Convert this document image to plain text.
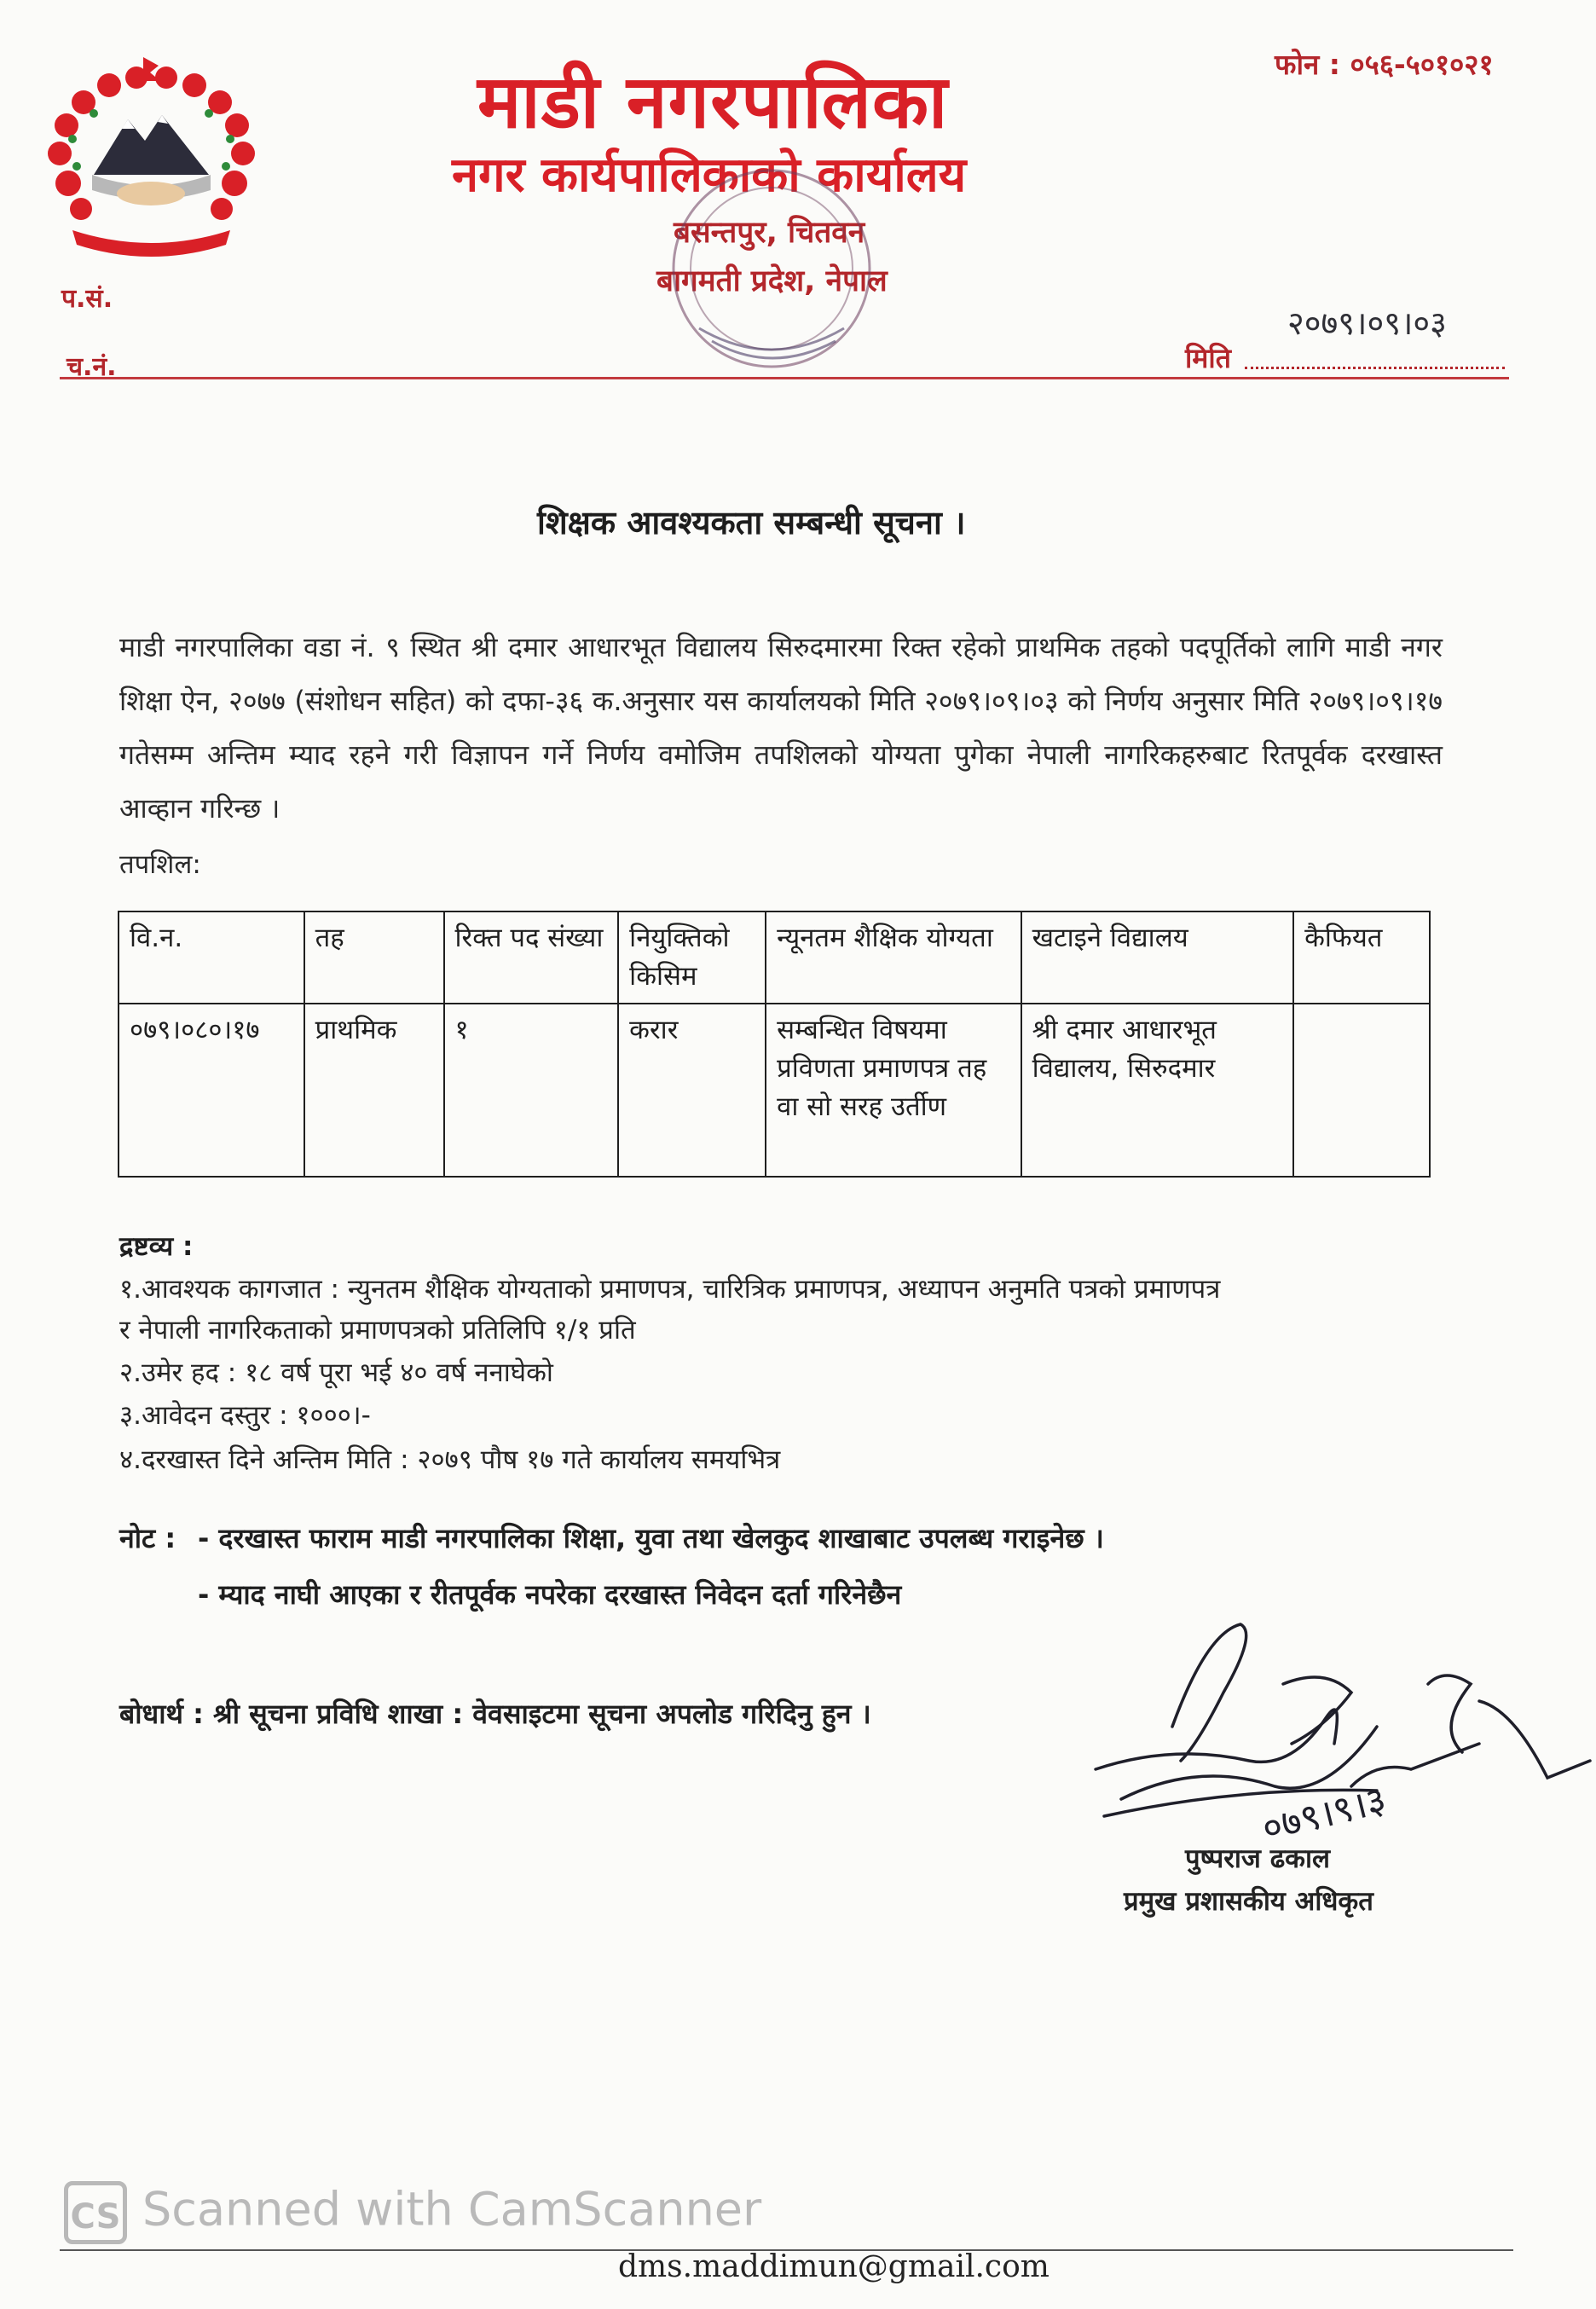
फोन : ०५६-५०१०२१
माडी नगरपालिका
नगर कार्यपालिकाको कार्यालय
बसन्तपुर, चितवन
बागमती प्रदेश, नेपाल
प.सं.
च.नं.
२०७९।०९।०३
मिति
शिक्षक आवश्यकता सम्बन्धी सूचना ।
माडी नगरपालिका वडा नं. ९ स्थित श्री दमार आधारभूत विद्यालय सिरुदमारमा रिक्त रहेको प्राथमिक तहको पदपूर्तिको लागि माडी नगर शिक्षा ऐन, २०७७ (संशोधन सहित) को दफा-३६ क.अनुसार यस कार्यालयको मिति २०७९।०९।०३ को निर्णय अनुसार मिति २०७९।०९।१७ गतेसम्म अन्तिम म्याद रहने गरी विज्ञापन गर्ने निर्णय वमोजिम तपशिलको योग्यता पुगेका नेपाली नागरिकहरुबाट रितपूर्वक दरखास्त आव्हान गरिन्छ ।
तपशिल:
वि.न.	तह	रिक्त पद संख्या	नियुक्तिको किसिम	न्यूनतम शैक्षिक योग्यता	खटाइने विद्यालय	कैफियत
०७९।०८०।१७	प्राथमिक	१	करार	सम्बन्धित विषयमा प्रविणता प्रमाणपत्र तह वा सो सरह उर्तीण	श्री दमार आधारभूत विद्यालय, सिरुदमार	
द्रष्टव्य :
१.आवश्यक कागजात : न्युनतम शैक्षिक योग्यताको प्रमाणपत्र, चारित्रिक प्रमाणपत्र, अध्यापन अनुमति पत्रको प्रमाणपत्र
र नेपाली नागरिकताको प्रमाणपत्रको प्रतिलिपि १/१ प्रति
२.उमेर हद : १८ वर्ष पूरा भई ४० वर्ष ननाघेको
३.आवेदन दस्तुर : १०००।-
४.दरखास्त दिने अन्तिम मिति : २०७९ पौष १७ गते कार्यालय समयभित्र
नोट : - दरखास्त फाराम माडी नगरपालिका शिक्षा, युवा तथा खेलकुद शाखाबाट उपलब्ध गराइनेछ ।
- म्याद नाघी आएका र रीतपूर्वक नपरेका दरखास्त निवेदन दर्ता गरिनेछैन
बोधार्थ : श्री सूचना प्रविधि शाखा : वेवसाइटमा सूचना अपलोड गरिदिनु हुन ।
०७९।९।३
पुष्पराज ढकाल
प्रमुख प्रशासकीय अधिकृत
CS Scanned with CamScanner
dms.maddimun@gmail.com
